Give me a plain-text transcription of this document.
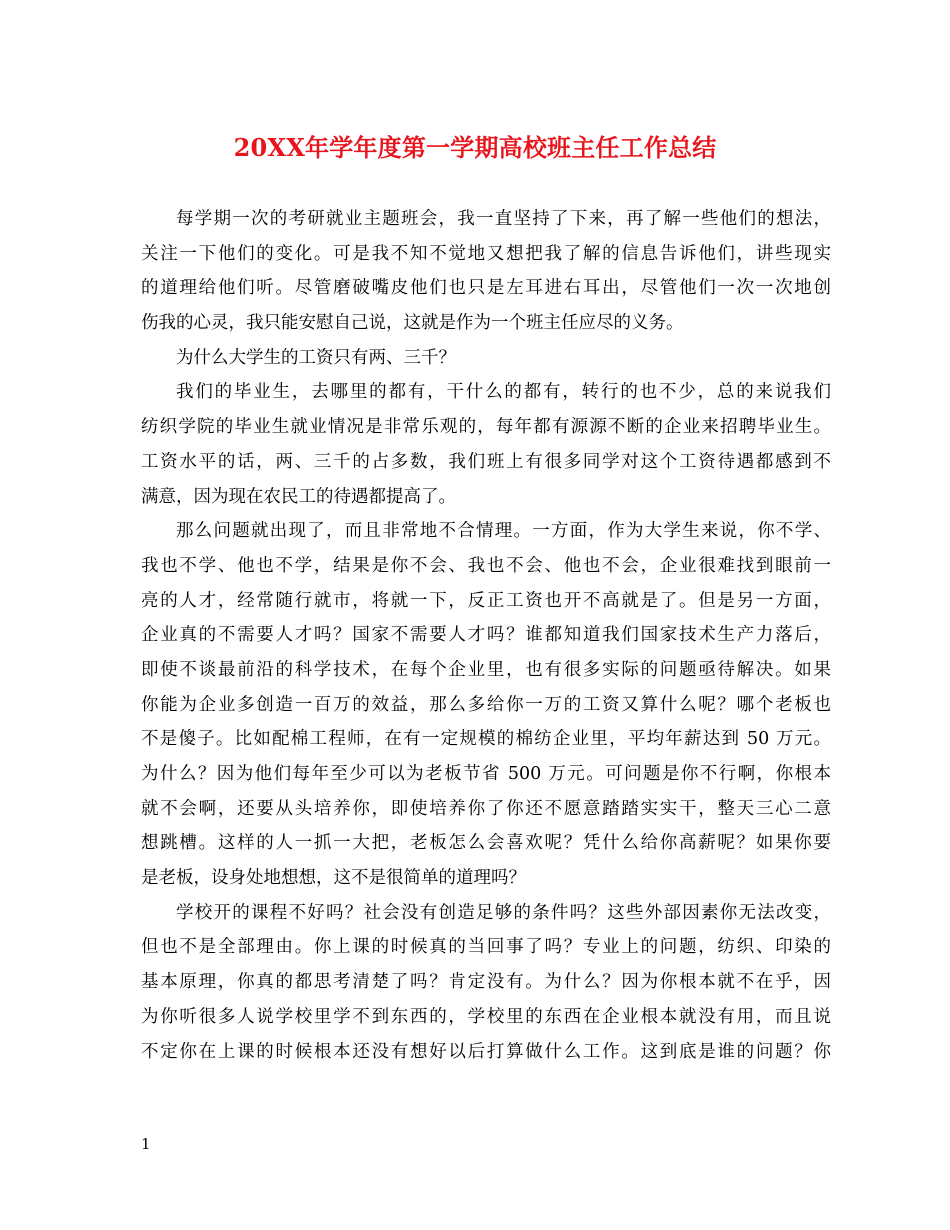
20XX年学年度第一学期高校班主任工作总结
每学期一次的考研就业主题班会，我一直坚持了下来，再了解一些他们的想法，
关注一下他们的变化。可是我不知不觉地又想把我了解的信息告诉他们，讲些现实
的道理给他们听。尽管磨破嘴皮他们也只是左耳进右耳出，尽管他们一次一次地创
伤我的心灵，我只能安慰自己说，这就是作为一个班主任应尽的义务。
为什么大学生的工资只有两、三千？
我们的毕业生，去哪里的都有，干什么的都有，转行的也不少，总的来说我们
纺织学院的毕业生就业情况是非常乐观的，每年都有源源不断的企业来招聘毕业生。
工资水平的话，两、三千的占多数，我们班上有很多同学对这个工资待遇都感到不
满意，因为现在农民工的待遇都提高了。
那么问题就出现了，而且非常地不合情理。一方面，作为大学生来说，你不学、
我也不学、他也不学，结果是你不会、我也不会、他也不会，企业很难找到眼前一
亮的人才，经常随行就市，将就一下，反正工资也开不高就是了。但是另一方面，
企业真的不需要人才吗？国家不需要人才吗？谁都知道我们国家技术生产力落后，
即使不谈最前沿的科学技术，在每个企业里，也有很多实际的问题亟待解决。如果
你能为企业多创造一百万的效益，那么多给你一万的工资又算什么呢？哪个老板也
不是傻子。比如配棉工程师，在有一定规模的棉纺企业里，平均年薪达到 50 万元。
为什么？因为他们每年至少可以为老板节省 500 万元。可问题是你不行啊，你根本
就不会啊，还要从头培养你，即使培养你了你还不愿意踏踏实实干，整天三心二意
想跳槽。这样的人一抓一大把，老板怎么会喜欢呢？凭什么给你高薪呢？如果你要
是老板，设身处地想想，这不是很简单的道理吗？
学校开的课程不好吗？社会没有创造足够的条件吗？这些外部因素你无法改变，
但也不是全部理由。你上课的时候真的当回事了吗？专业上的问题，纺织、印染的
基本原理，你真的都思考清楚了吗？肯定没有。为什么？因为你根本就不在乎，因
为你听很多人说学校里学不到东西的，学校里的东西在企业根本就没有用，而且说
不定你在上课的时候根本还没有想好以后打算做什么工作。这到底是谁的问题？你
1
